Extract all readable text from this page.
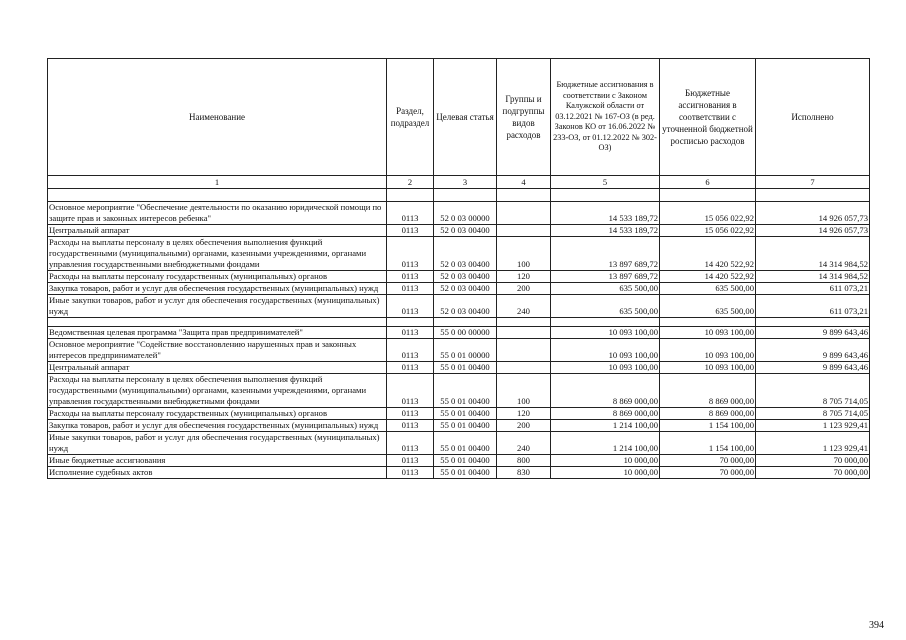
Наименование	Раздел, подраздел	Целевая статья	Группы и подгруппы видов расходов	Бюджетные ассигнования в соответствии с Законом Калужской области от 03.12.2021 № 167-ОЗ (в ред. Законов КО от 16.06.2022 № 233-ОЗ, от 01.12.2022 № 302-ОЗ)	Бюджетные ассигнования в соответствии с уточненной бюджетной росписью расходов	Исполнено
1	2	3	4	5	6	7

Основное мероприятие "Обеспечение деятельности по оказанию юридической помощи по защите прав и законных интересов ребенка"	0113	52 0 03 00000		14 533 189,72	15 056 022,92	14 926 057,73
Центральный аппарат	0113	52 0 03 00400		14 533 189,72	15 056 022,92	14 926 057,73
Расходы на выплаты персоналу в целях обеспечения выполнения функций государственными (муниципальными) органами, казенными учреждениями, органами управления государственными внебюджетными фондами	0113	52 0 03 00400	100	13 897 689,72	14 420 522,92	14 314 984,52
Расходы на выплаты персоналу государственных (муниципальных) органов	0113	52 0 03 00400	120	13 897 689,72	14 420 522,92	14 314 984,52
Закупка товаров, работ и услуг для обеспечения государственных (муниципальных) нужд	0113	52 0 03 00400	200	635 500,00	635 500,00	611 073,21
Иные закупки товаров, работ и услуг для обеспечения государственных (муниципальных) нужд	0113	52 0 03 00400	240	635 500,00	635 500,00	611 073,21

Ведомственная целевая программа "Защита прав предпринимателей"	0113	55 0 00 00000		10 093 100,00	10 093 100,00	9 899 643,46
Основное мероприятие "Содействие восстановлению нарушенных прав и законных интересов предпринимателей"	0113	55 0 01 00000		10 093 100,00	10 093 100,00	9 899 643,46
Центральный аппарат	0113	55 0 01 00400		10 093 100,00	10 093 100,00	9 899 643,46
Расходы на выплаты персоналу в целях обеспечения выполнения функций государственными (муниципальными) органами, казенными учреждениями, органами управления государственными внебюджетными фондами	0113	55 0 01 00400	100	8 869 000,00	8 869 000,00	8 705 714,05
Расходы на выплаты персоналу государственных (муниципальных) органов	0113	55 0 01 00400	120	8 869 000,00	8 869 000,00	8 705 714,05
Закупка товаров, работ и услуг для обеспечения государственных (муниципальных) нужд	0113	55 0 01 00400	200	1 214 100,00	1 154 100,00	1 123 929,41
Иные закупки товаров, работ и услуг для обеспечения государственных (муниципальных) нужд	0113	55 0 01 00400	240	1 214 100,00	1 154 100,00	1 123 929,41
Иные бюджетные ассигнования	0113	55 0 01 00400	800	10 000,00	70 000,00	70 000,00
Исполнение судебных актов	0113	55 0 01 00400	830	10 000,00	70 000,00	70 000,00
394
